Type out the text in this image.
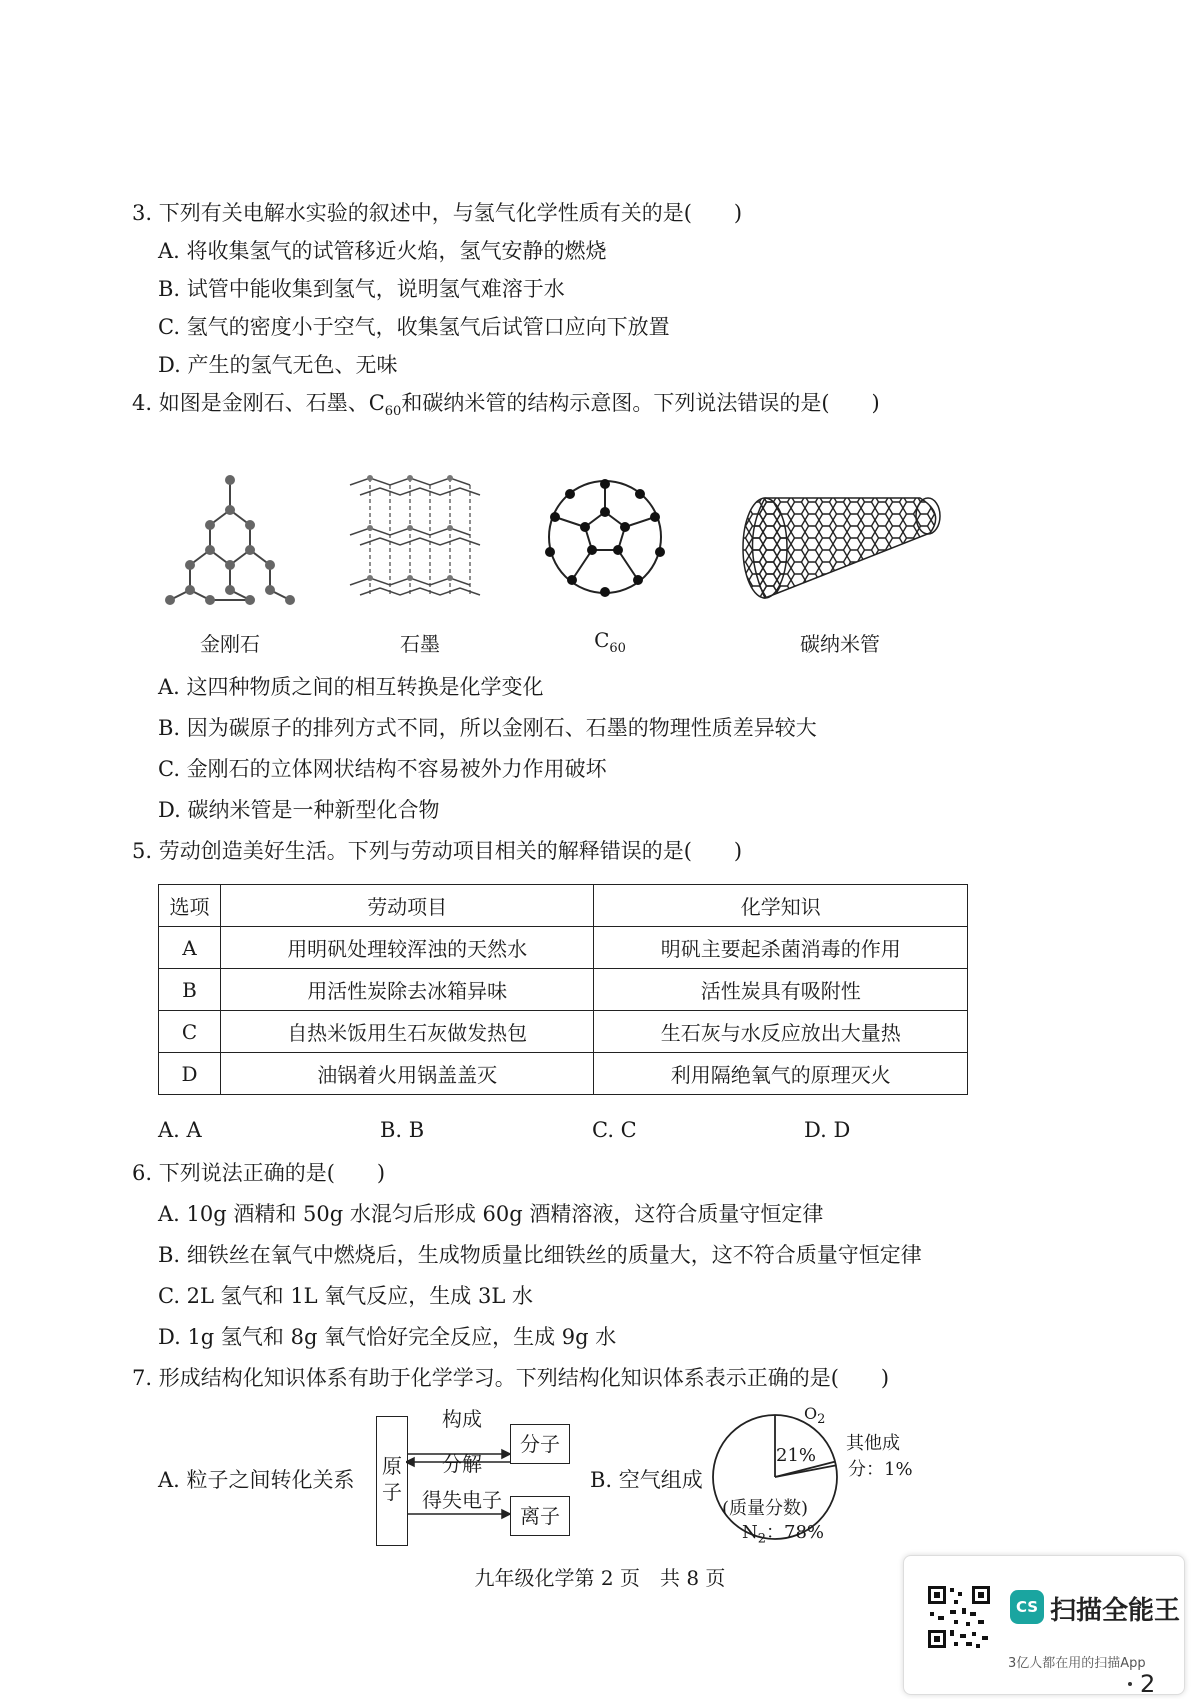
3. 下列有关电解水实验的叙述中，与氢气化学性质有关的是(　　)
A. 将收集氢气的试管移近火焰，氢气安静的燃烧
B. 试管中能收集到氢气，说明氢气难溶于水
C. 氢气的密度小于空气，收集氢气后试管口应向下放置
D. 产生的氢气无色、无味
4. 如图是金刚石、石墨、$C_{60}$和碳纳米管的结构示意图。下列说法错误的是(　　)
金刚石	石墨	$C_{60}$	碳纳米管
A. 这四种物质之间的相互转换是化学变化
B. 因为碳原子的排列方式不同，所以金刚石、石墨的物理性质差异较大
C. 金刚石的立体网状结构不容易被外力作用破坏
D. 碳纳米管是一种新型化合物
5. 劳动创造美好生活。下列与劳动项目相关的解释错误的是(　　)
选项	劳动项目	化学知识
A	用明矾处理较浑浊的天然水	明矾主要起杀菌消毒的作用
B	用活性炭除去冰箱异味	活性炭具有吸附性
C	自热米饭用生石灰做发热包	生石灰与水反应放出大量热
D	油锅着火用锅盖盖灭	利用隔绝氧气的原理灭火
A. A	B. B	C. C	D. D
6. 下列说法正确的是(　　)
A. 10g 酒精和 50g 水混匀后形成 60g 酒精溶液，这符合质量守恒定律
B. 细铁丝在氧气中燃烧后，生成物质量比细铁丝的质量大，这不符合质量守恒定律
C. 2L 氢气和 1L 氧气反应，生成 3L 水
D. 1g 氢气和 8g 氧气恰好完全反应，生成 9g 水
7. 形成结构化知识体系有助于化学学习。下列结构化知识体系表示正确的是(　　)
A. 粒子之间转化关系
原
子
构成
分解
得失电子
分子
离子
B. 空气组成
$O_2$
21%
其他成
分：1%
(质量分数)
$N_2$：78%
九年级化学第 2 页　共 8 页
CS 扫描全能王
3亿人都在用的扫描App
2
